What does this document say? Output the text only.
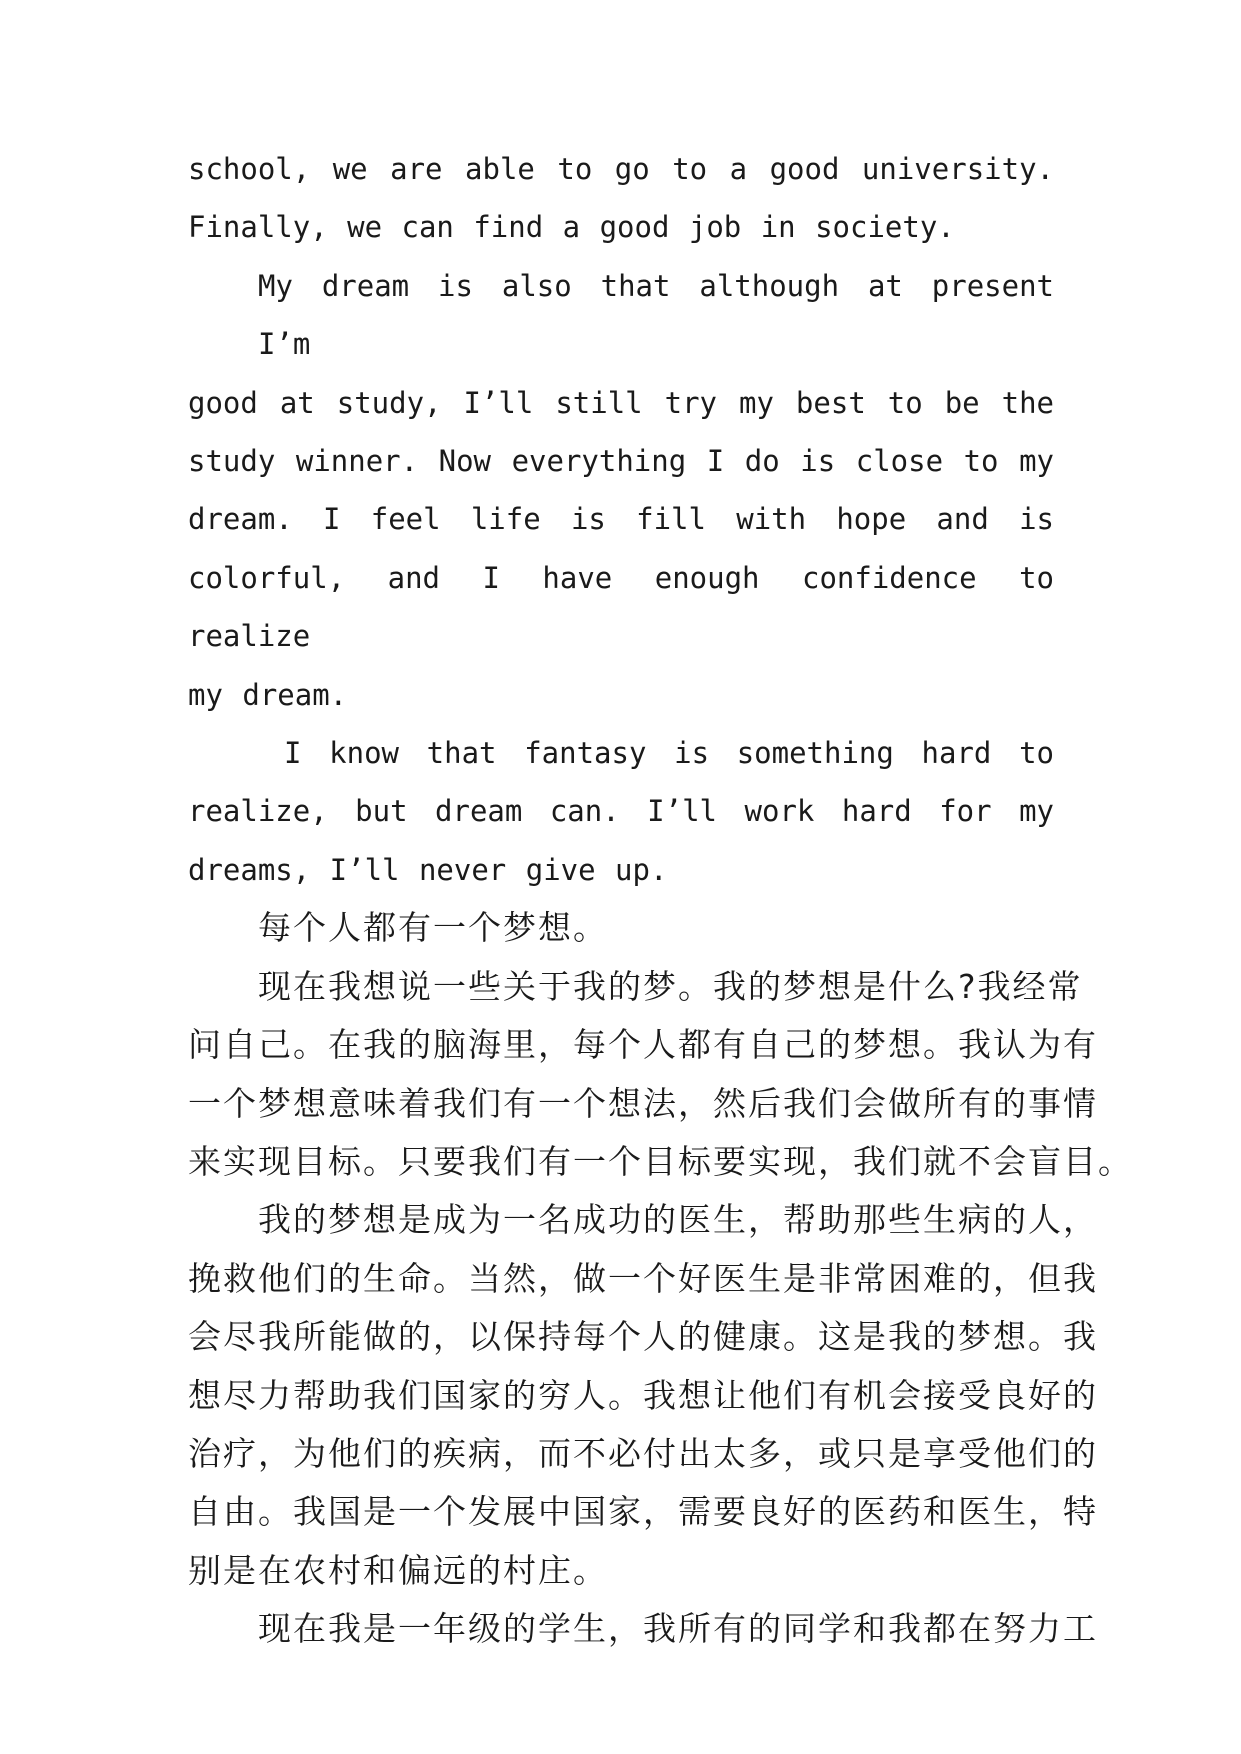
school, we are able to go to a good university.
Finally, we can find a good job in society.

My dream is also that although at present I’m
good at study, I’ll still try my best to be the
study winner. Now everything I do is close to my
dream. I feel life is fill with hope and is
colorful, and I have enough confidence to realize
my dream.

I know that fantasy is something hard to
realize, but dream can. I’ll work hard for my
dreams, I’ll never give up.

每个人都有一个梦想。

现在我想说一些关于我的梦。我的梦想是什么?我经常
问自己。在我的脑海里，每个人都有自己的梦想。我认为有
一个梦想意味着我们有一个想法，然后我们会做所有的事情
来实现目标。只要我们有一个目标要实现，我们就不会盲目。

我的梦想是成为一名成功的医生，帮助那些生病的人，
挽救他们的生命。当然，做一个好医生是非常困难的，但我
会尽我所能做的，以保持每个人的健康。这是我的梦想。我
想尽力帮助我们国家的穷人。我想让他们有机会接受良好的
治疗，为他们的疾病，而不必付出太多，或只是享受他们的
自由。我国是一个发展中国家，需要良好的医药和医生，特
别是在农村和偏远的村庄。

现在我是一年级的学生，我所有的同学和我都在努力工
